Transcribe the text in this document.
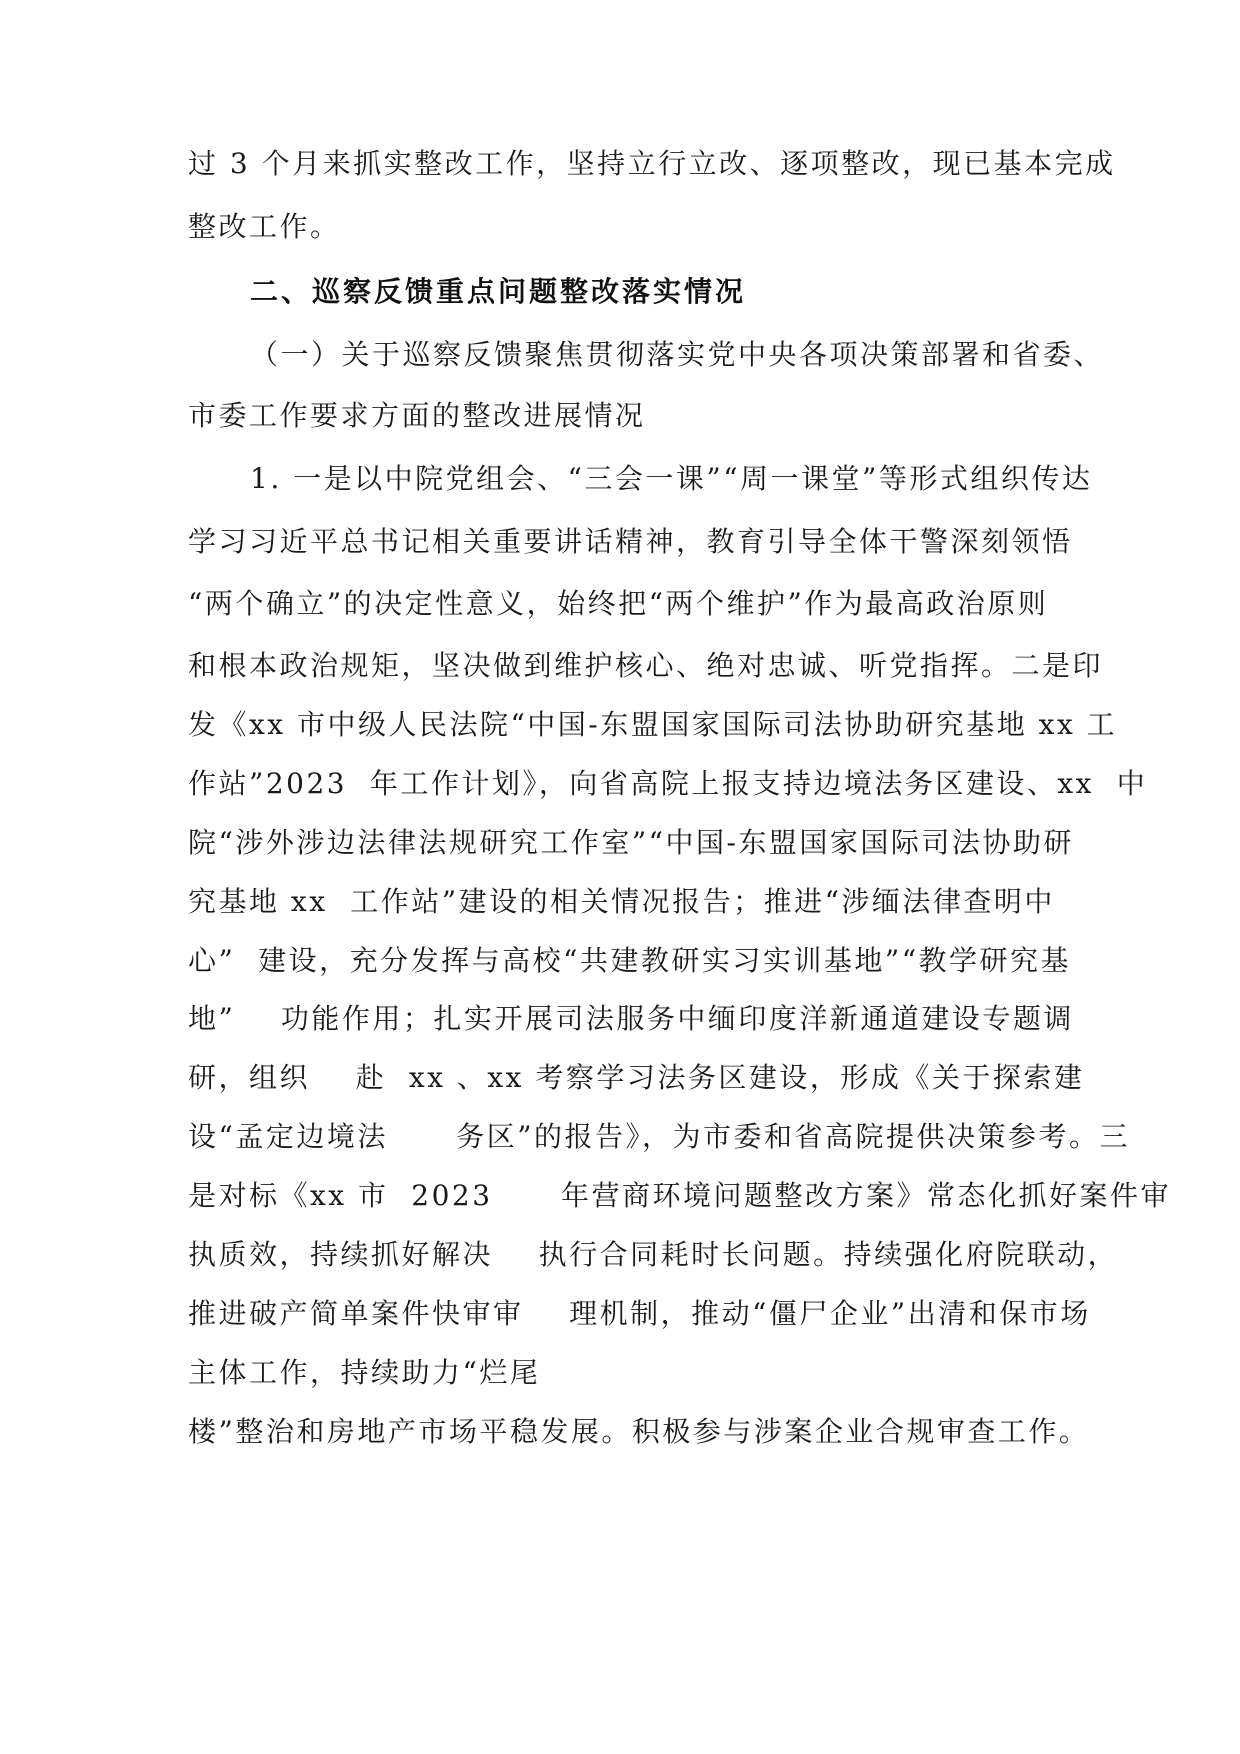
过 3 个月来抓实整改工作，坚持立行立改、逐项整改，现已基本完成
整改工作。
二、巡察反馈重点问题整改落实情况
（一）关于巡察反馈聚焦贯彻落实党中央各项决策部署和省委、
市委工作要求方面的整改进展情况
1. 一是以中院党组会、“三会一课”“周一课堂”等形式组织传达
学习习近平总书记相关重要讲话精神，教育引导全体干警深刻领悟
“两个确立”的决定性意义，始终把“两个维护”作为最高政治原则
和根本政治规矩，坚决做到维护核心、绝对忠诚、听党指挥。二是印
发《xx 市中级人民法院“中国-东盟国家国际司法协助研究基地 xx 工
作站”2023  年工作计划》，向省高院上报支持边境法务区建设、xx  中
院“涉外涉边法律法规研究工作室”“中国-东盟国家国际司法协助研
究基地 xx  工作站”建设的相关情况报告；推进“涉缅法律查明中
心”  建设，充分发挥与高校“共建教研实习实训基地”“教学研究基
地”    功能作用；扎实开展司法服务中缅印度洋新通道建设专题调
研，组织    赴  xx 、xx 考察学习法务区建设，形成《关于探索建
设“孟定边境法      务区”的报告》，为市委和省高院提供决策参考。三
是对标《xx 市  2023      年营商环境问题整改方案》常态化抓好案件审
执质效，持续抓好解决    执行合同耗时长问题。持续强化府院联动，
推进破产简单案件快审审    理机制，推动“僵尸企业”出清和保市场
主体工作，持续助力“烂尾
楼”整治和房地产市场平稳发展。积极参与涉案企业合规审查工作。
